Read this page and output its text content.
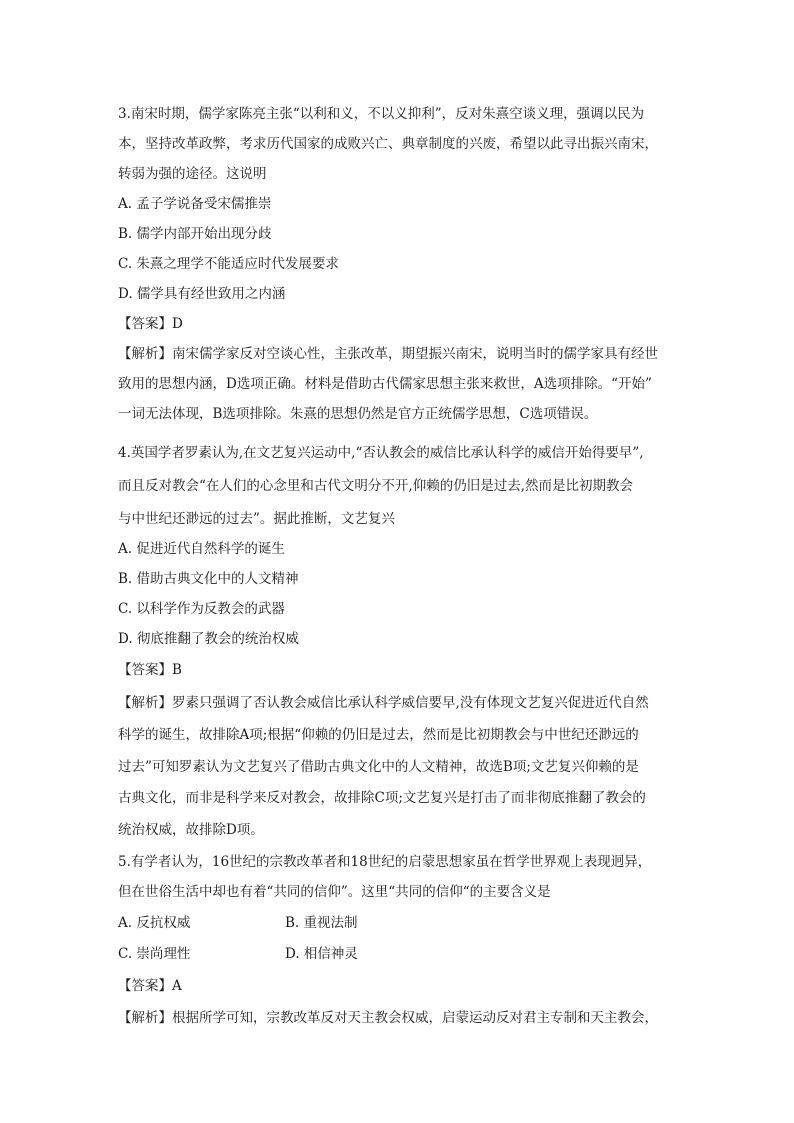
3.南宋时期，儒学家陈亮主张“以利和义，不以义抑利”，反对朱熹空谈义理，强调以民为
本，坚持改革政弊，考求历代国家的成败兴亡、典章制度的兴废，希望以此寻出振兴南宋，
转弱为强的途径。这说明
A. 孟子学说备受宋儒推崇
B. 儒学内部开始出现分歧
C. 朱熹之理学不能适应时代发展要求
D. 儒学具有经世致用之内涵
【答案】D
【解析】南宋儒学家反对空谈心性，主张改革，期望振兴南宋，说明当时的儒学家具有经世
致用的思想内涵，D选项正确。材料是借助古代儒家思想主张来救世，A选项排除。“开始”
一词无法体现，B选项排除。朱熹的思想仍然是官方正统儒学思想，C选项错误。
4.英国学者罗素认为,在文艺复兴运动中,“否认教会的威信比承认科学的威信开始得要早”,
而且反对教会“在人们的心念里和古代文明分不开,仰赖的仍旧是过去,然而是比初期教会
与中世纪还渺远的过去”。据此推断，文艺复兴
A. 促进近代自然科学的诞生
B. 借助古典文化中的人文精神
C. 以科学作为反教会的武器
D. 彻底推翻了教会的统治权威
【答案】B
【解析】罗素只强调了否认教会威信比承认科学威信要早,没有体现文艺复兴促进近代自然
科学的诞生，故排除A项;根据“仰赖的仍旧是过去，然而是比初期教会与中世纪还渺远的
过去”可知罗素认为文艺复兴了借助古典文化中的人文精神，故选B项;文艺复兴仰赖的是
古典文化，而非是科学来反对教会，故排除C项;文艺复兴是打击了而非彻底推翻了教会的
统治权威，故排除D项。
5.有学者认为，16世纪的宗教改革者和18世纪的启蒙思想家虽在哲学世界观上表现迥异，
但在世俗生活中却也有着“共同的信仰”。这里“共同的信仰“的主要含义是
A. 反抗权威	B. 重视法制
C. 崇尚理性	D. 相信神灵
【答案】A
【解析】根据所学可知，宗教改革反对天主教会权威，启蒙运动反对君主专制和天主教会，
